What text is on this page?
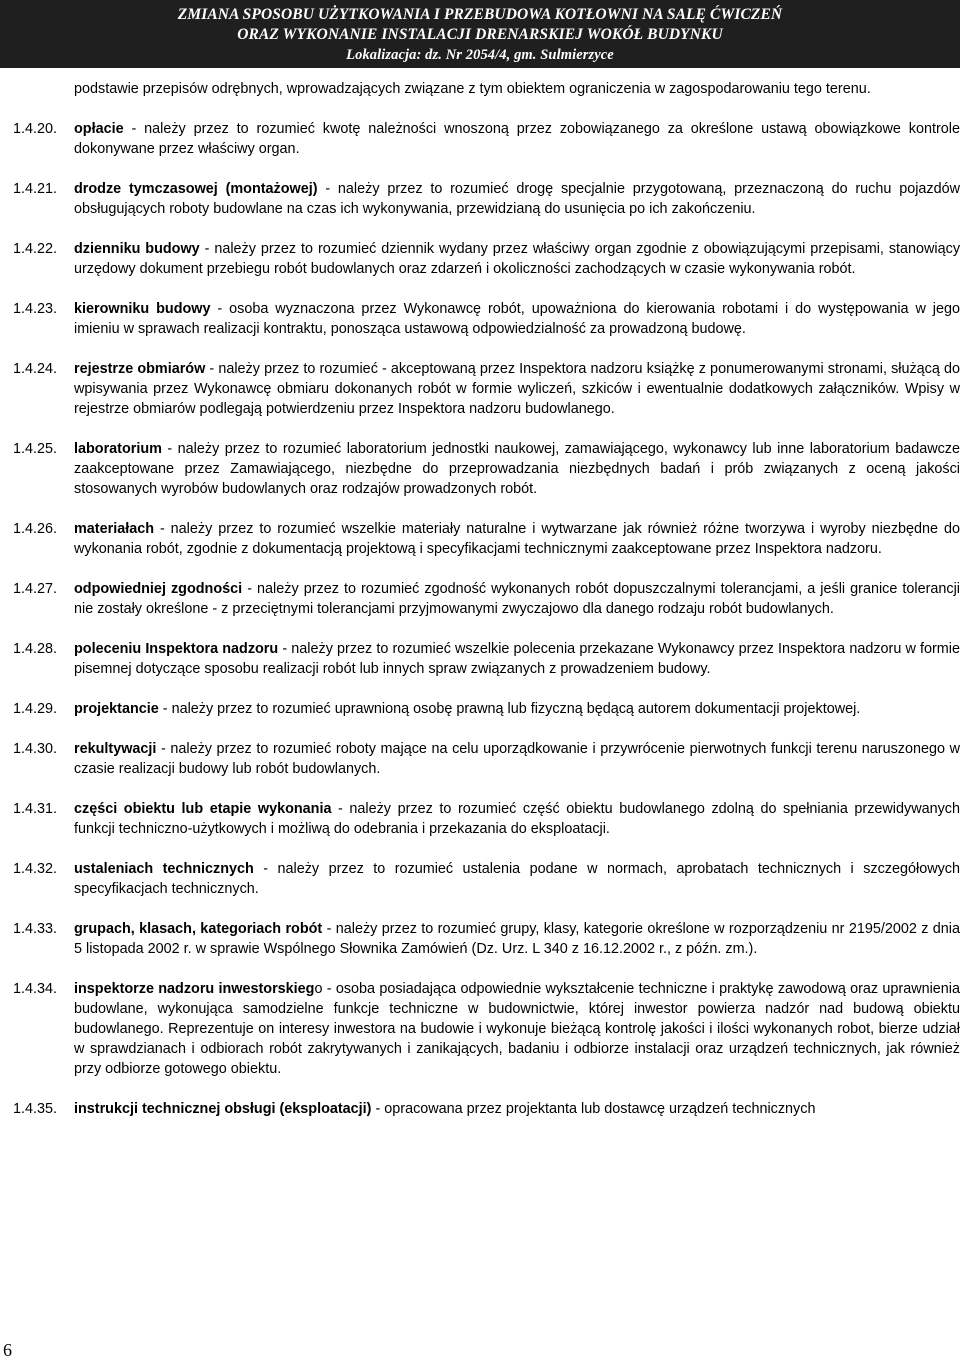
ZMIANA SPOSOBU UŻYTKOWANIA I PRZEBUDOWA KOTŁOWNI NA SALĘ ĆWICZEŃ
ORAZ WYKONANIE INSTALACJI DRENARSKIEJ WOKÓŁ BUDYNKU
Lokalizacja: dz. Nr 2054/4, gm. Sulmierzyce
podstawie przepisów odrębnych, wprowadzających związane z tym obiektem ograniczenia w zagospodarowaniu tego terenu.
1.4.20.	opłacie - należy przez to rozumieć kwotę należności wnoszoną przez zobowiązanego za określone ustawą obowiązkowe kontrole dokonywane przez właściwy organ.
1.4.21.	drodze tymczasowej (montażowej) - należy przez to rozumieć drogę specjalnie przygotowaną, przeznaczoną do ruchu pojazdów obsługujących roboty budowlane na czas ich wykonywania, przewidzianą do usunięcia po ich zakończeniu.
1.4.22.	dzienniku budowy - należy przez to rozumieć dziennik wydany przez właściwy organ zgodnie z obowiązującymi przepisami, stanowiący urzędowy dokument przebiegu robót budowlanych oraz zdarzeń i okoliczności zachodzących w czasie wykonywania robót.
1.4.23.	kierowniku budowy - osoba wyznaczona przez Wykonawcę robót, upoważniona do kierowania robotami i do występowania w jego imieniu w sprawach realizacji kontraktu, ponosząca ustawową odpowiedzialność za prowadzoną budowę.
1.4.24.	rejestrze obmiarów - należy przez to rozumieć - akceptowaną przez Inspektora nadzoru książkę z ponumerowanymi stronami, służącą do wpisywania przez Wykonawcę obmiaru dokonanych robót w formie wyliczeń, szkiców i ewentualnie dodatkowych załączników. Wpisy w rejestrze obmiarów podlegają potwierdzeniu przez Inspektora nadzoru budowlanego.
1.4.25.	laboratorium - należy przez to rozumieć laboratorium jednostki naukowej, zamawiającego, wykonawcy lub inne laboratorium badawcze zaakceptowane przez Zamawiającego, niezbędne do przeprowadzania niezbędnych badań i prób związanych z oceną jakości stosowanych wyrobów budowlanych oraz rodzajów prowadzonych robót.
1.4.26.	materiałach - należy przez to rozumieć wszelkie materiały naturalne i wytwarzane jak również różne tworzywa i wyroby niezbędne do wykonania robót, zgodnie z dokumentacją projektową i specyfikacjami technicznymi zaakceptowane przez Inspektora nadzoru.
1.4.27.	odpowiedniej zgodności - należy przez to rozumieć zgodność wykonanych robót dopuszczalnymi tolerancjami, a jeśli granice tolerancji nie zostały określone - z przeciętnymi tolerancjami przyjmowanymi zwyczajowo dla danego rodzaju robót budowlanych.
1.4.28.	poleceniu Inspektora nadzoru - należy przez to rozumieć wszelkie polecenia przekazane Wykonawcy przez Inspektora nadzoru w formie pisemnej dotyczące sposobu realizacji robót lub innych spraw związanych z prowadzeniem budowy.
1.4.29.	projektancie - należy przez to rozumieć uprawnioną osobę prawną lub fizyczną będącą autorem dokumentacji projektowej.
1.4.30.	rekultywacji - należy przez to rozumieć roboty mające na celu uporządkowanie i przywrócenie pierwotnych funkcji terenu naruszonego w czasie realizacji budowy lub robót budowlanych.
1.4.31.	części obiektu lub etapie wykonania - należy przez to rozumieć część obiektu budowlanego zdolną do spełniania przewidywanych funkcji techniczno-użytkowych i możliwą do odebrania i przekazania do eksploatacji.
1.4.32.	ustaleniach technicznych - należy przez to rozumieć ustalenia podane w normach, aprobatach technicznych i szczegółowych specyfikacjach technicznych.
1.4.33.	grupach, klasach, kategoriach robót - należy przez to rozumieć grupy, klasy, kategorie określone w rozporządzeniu nr 2195/2002 z dnia 5 listopada 2002 r. w sprawie Wspólnego Słownika Zamówień (Dz. Urz. L 340 z 16.12.2002 r., z późn. zm.).
1.4.34.	inspektorze nadzoru inwestorskiego - osoba posiadająca odpowiednie wykształcenie techniczne i praktykę zawodową oraz uprawnienia budowlane, wykonująca samodzielne funkcje techniczne w budownictwie, której inwestor powierza nadzór nad budową obiektu budowlanego. Reprezentuje on interesy inwestora na budowie i wykonuje bieżącą kontrolę jakości i ilości wykonanych robot, bierze udział w sprawdzianach i odbiorach robót zakrytywanych i zanikających, badaniu i odbiorze instalacji oraz urządzeń technicznych, jak również przy odbiorze gotowego obiektu.
1.4.35.	instrukcji technicznej obsługi (eksploatacji) - opracowana przez projektanta lub dostawcę urządzeń technicznych
6
